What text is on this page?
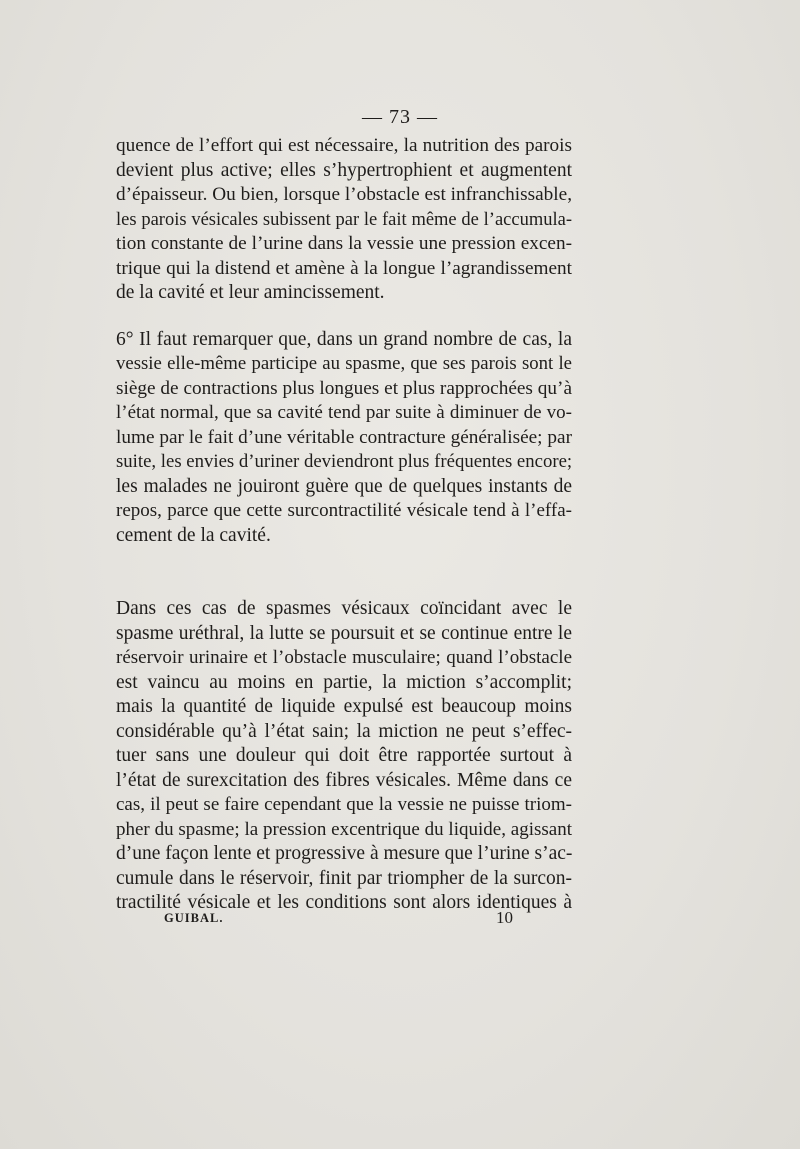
— 73 —
quence de l’effort qui est nécessaire, la nutrition des parois
devient plus active; elles s’hypertrophient et augmentent
d’épaisseur. Ou bien, lorsque l’obstacle est infranchissable,
les parois vésicales subissent par le fait même de l’accumula-
tion constante de l’urine dans la vessie une pression excen-
trique qui la distend et amène à la longue l’agrandissement
de la cavité et leur amincissement.
6° Il faut remarquer que, dans un grand nombre de cas, la
vessie elle-même participe au spasme, que ses parois sont le
siège de contractions plus longues et plus rapprochées qu’à
l’état normal, que sa cavité tend par suite à diminuer de vo-
lume par le fait d’une véritable contracture généralisée; par
suite, les envies d’uriner deviendront plus fréquentes encore;
les malades ne jouiront guère que de quelques instants de
repos, parce que cette surcontractilité vésicale tend à l’effa-
cement de la cavité.
Dans ces cas de spasmes vésicaux coïncidant avec le
spasme uréthral, la lutte se poursuit et se continue entre le
réservoir urinaire et l’obstacle musculaire; quand l’obstacle
est vaincu au moins en partie, la miction s’accomplit;
mais la quantité de liquide expulsé est beaucoup moins
considérable qu’à l’état sain; la miction ne peut s’effec-
tuer sans une douleur qui doit être rapportée surtout à
l’état de surexcitation des fibres vésicales. Même dans ce
cas, il peut se faire cependant que la vessie ne puisse triom-
pher du spasme; la pression excentrique du liquide, agissant
d’une façon lente et progressive à mesure que l’urine s’ac-
cumule dans le réservoir, finit par triompher de la surcon-
tractilité vésicale et les conditions sont alors identiques à
GUIBAL.	10
